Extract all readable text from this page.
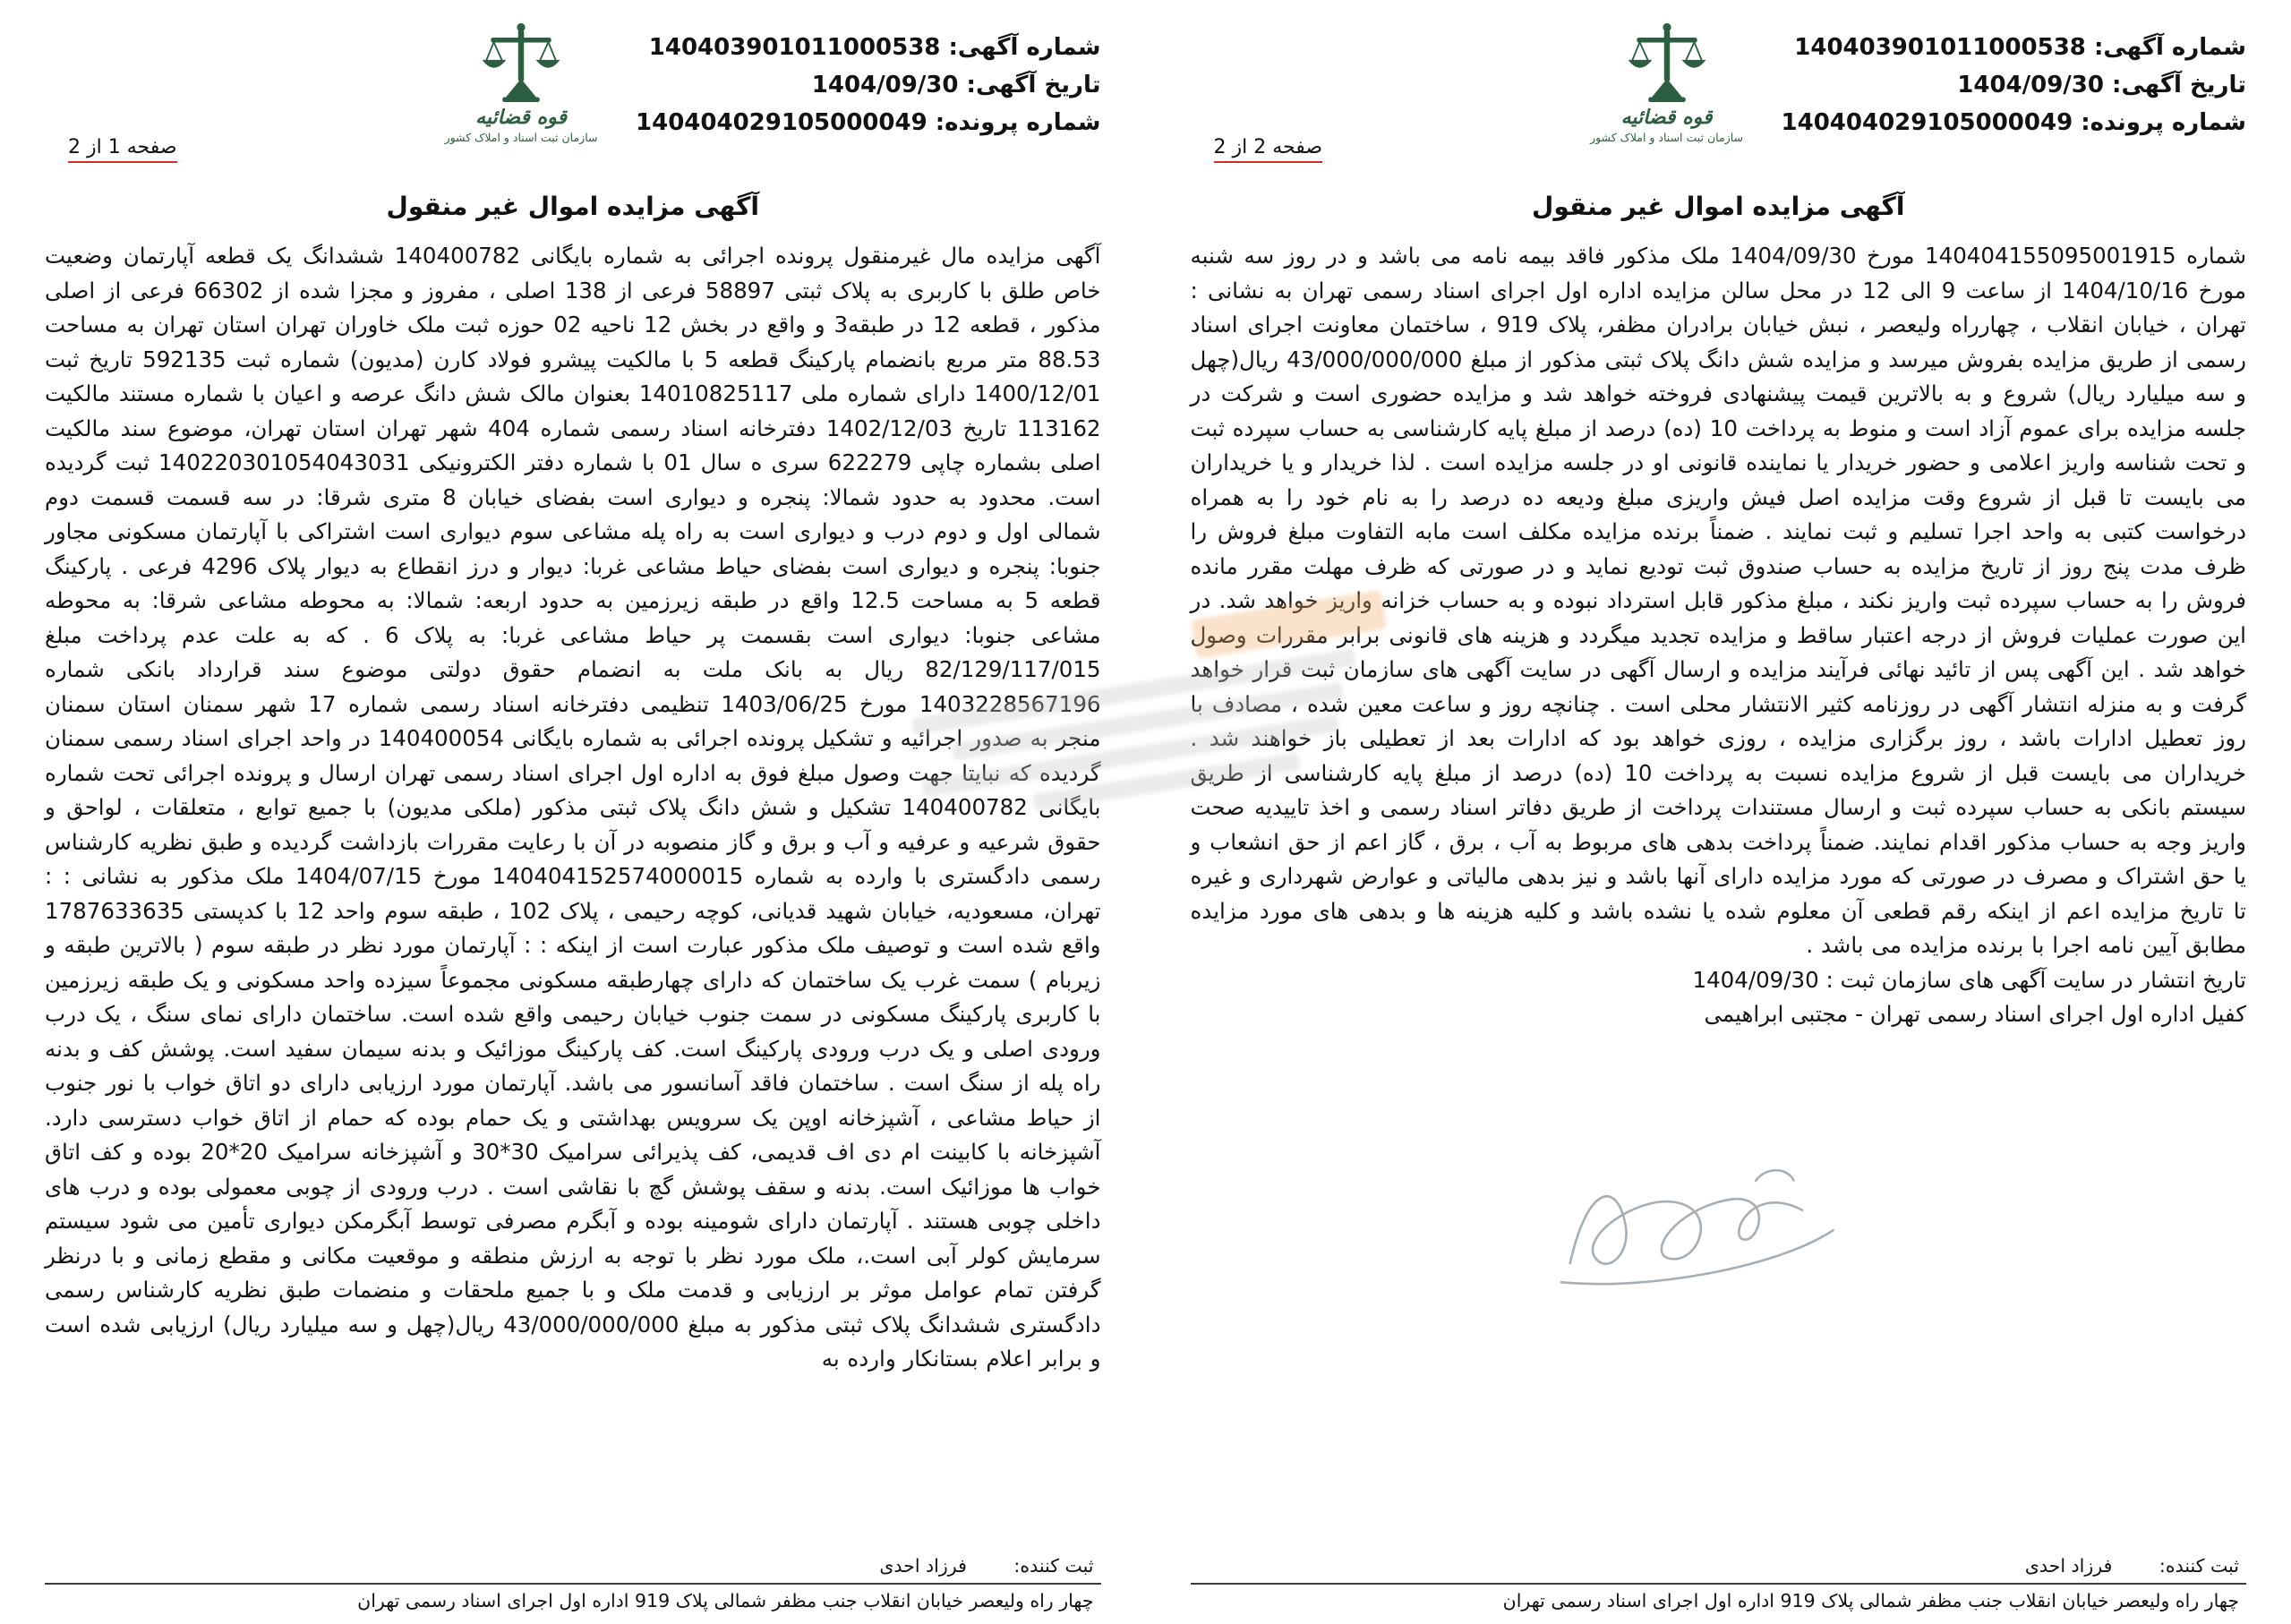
صفحه 1 از 2
قوه قضائیه
سازمان ثبت اسناد و املاک کشور
شماره آگهی: 140403901011000538
تاریخ آگهی: 1404/09/30
شماره پرونده: 140404029105000049
آگهی مزایده اموال غیر منقول

آگهی مزایده مال غیرمنقول پرونده اجرائی به شماره بایگانی 140400782 ششدانگ یک قطعه آپارتمان وضعیت خاص طلق با کاربری به پلاک ثبتی 58897 فرعی از 138 اصلی ، مفروز و مجزا شده از 66302 فرعی از اصلی مذکور ، قطعه 12 در طبقه3 و واقع در بخش 12 ناحیه 02 حوزه ثبت ملک خاوران تهران استان تهران به مساحت 88.53 متر مربع بانضمام پارکینگ قطعه 5 با مالکیت پیشرو فولاد کارن (مدیون) شماره ثبت 592135 تاریخ ثبت 1400/12/01 دارای شماره ملی 14010825117 بعنوان مالک شش دانگ عرصه و اعیان با شماره مستند مالکیت 113162 تاریخ 1402/12/03 دفترخانه اسناد رسمی شماره 404 شهر تهران استان تهران، موضوع سند مالکیت اصلی بشماره چاپی 622279 سری ه سال 01 با شماره دفتر الکترونیکی 140220301054043031 ثبت گردیده است. محدود به حدود شمالا: پنجره و دیواری است بفضای خیابان 8 متری شرقا: در سه قسمت قسمت دوم شمالی اول و دوم درب و دیواری است به راه پله مشاعی سوم دیواری است اشتراکی با آپارتمان مسکونی مجاور جنوبا: پنجره و دیواری است بفضای حیاط مشاعی غربا: دیوار و درز انقطاع به دیوار پلاک 4296 فرعی . پارکینگ قطعه 5 به مساحت 12.5 واقع در طبقه زیرزمین به حدود اربعه: شمالا: به محوطه مشاعی شرقا: به محوطه مشاعی جنوبا: دیواری است بقسمت پر حیاط مشاعی غربا: به پلاک 6 . که به علت عدم پرداخت مبلغ 82/129/117/015 ریال به بانک ملت به انضمام حقوق دولتی موضوع سند قرارداد بانکی شماره 1403228567196 مورخ 1403/06/25 تنظیمی دفترخانه اسناد رسمی شماره 17 شهر سمنان استان سمنان منجر به صدور اجرائیه و تشکیل پرونده اجرائی به شماره بایگانی 140400054 در واحد اجرای اسناد رسمی سمنان گردیده که نبایتا جهت وصول مبلغ فوق به اداره اول اجرای اسناد رسمی تهران ارسال و پرونده اجرائی تحت شماره بایگانی 140400782 تشکیل و شش دانگ پلاک ثبتی مذکور (ملکی مدیون) با جمیع توابع ، متعلقات ، لواحق و حقوق شرعیه و عرفیه و آب و برق و گاز منصوبه در آن با رعایت مقررات بازداشت گردیده و طبق نظریه کارشناس رسمی دادگستری با وارده به شماره 140404152574000015 مورخ 1404/07/15 ملک مذکور به نشانی : : تهران، مسعودیه، خیابان شهید قدیانی، کوچه رحیمی ، پلاک 102 ، طبقه سوم واحد 12 با کدپستی 1787633635 واقع شده است و توصیف ملک مذکور عبارت است از اینکه : : آپارتمان مورد نظر در طبقه سوم ( بالاترین طبقه و زیربام ) سمت غرب یک ساختمان که دارای چهارطبقه مسکونی مجموعاً سیزده واحد مسکونی و یک طبقه زیرزمین با کاربری پارکینگ مسکونی در سمت جنوب خیابان رحیمی واقع شده است. ساختمان دارای نمای سنگ ، یک درب ورودی اصلی و یک درب ورودی پارکینگ است. کف پارکینگ موزائیک و بدنه سیمان سفید است. پوشش کف و بدنه راه پله از سنگ است . ساختمان فاقد آسانسور می باشد. آپارتمان مورد ارزیابی دارای دو اتاق خواب با نور جنوب از حیاط مشاعی ، آشپزخانه اوپن یک سرویس بهداشتی و یک حمام بوده که حمام از اتاق خواب دسترسی دارد. آشپزخانه با کابینت ام دی اف قدیمی، کف پذیرائی سرامیک 30*30 و آشپزخانه سرامیک 20*20 بوده و کف اتاق خواب ها موزائیک است. بدنه و سقف پوشش گچ با نقاشی است . درب ورودی از چوبی معمولی بوده و درب های داخلی چوبی هستند . آپارتمان دارای شومینه بوده و آبگرم مصرفی توسط آبگرمکن دیواری تأمین می شود سیستم سرمایش کولر آبی است.، ملک مورد نظر با توجه به ارزش منطقه و موقعیت مکانی و مقطع زمانی و با درنظر گرفتن تمام عوامل موثر بر ارزیابی و قدمت ملک و با جمیع ملحقات و منضمات طبق نظریه کارشناس رسمی دادگستری ششدانگ پلاک ثبتی مذکور به مبلغ 43/000/000/000 ریال(چهل و سه میلیارد ریال) ارزیابی شده است و برابر اعلام بستانکار وارده به

ثبت کننده: فرزاد احدی
چهار راه ولیعصر خیابان انقلاب جنب مظفر شمالی پلاک 919 اداره اول اجرای اسناد رسمی تهران
صفحه 2 از 2
قوه قضائیه
سازمان ثبت اسناد و املاک کشور
شماره آگهی: 140403901011000538
تاریخ آگهی: 1404/09/30
شماره پرونده: 140404029105000049
آگهی مزایده اموال غیر منقول

شماره 140404155095001915 مورخ 1404/09/30 ملک مذکور فاقد بیمه نامه می باشد و در روز سه شنبه مورخ 1404/10/16 از ساعت 9 الی 12 در محل سالن مزایده اداره اول اجرای اسناد رسمی تهران به نشانی : تهران ، خیابان انقلاب ، چهارراه ولیعصر ، نبش خیابان برادران مظفر، پلاک 919 ، ساختمان معاونت اجرای اسناد رسمی از طریق مزایده بفروش میرسد و مزایده شش دانگ پلاک ثبتی مذکور از مبلغ 43/000/000/000 ریال(چهل و سه میلیارد ریال) شروع و به بالاترین قیمت پیشنهادی فروخته خواهد شد و مزایده حضوری است و شرکت در جلسه مزایده برای عموم آزاد است و منوط به پرداخت 10 (ده) درصد از مبلغ پایه کارشناسی به حساب سپرده ثبت و تحت شناسه واریز اعلامی و حضور خریدار یا نماینده قانونی او در جلسه مزایده است . لذا خریدار و یا خریداران می بایست تا قبل از شروع وقت مزایده اصل فیش واریزی مبلغ ودیعه ده درصد را به نام خود را به همراه درخواست کتبی به واحد اجرا تسلیم و ثبت نمایند . ضمناً برنده مزایده مکلف است مابه التفاوت مبلغ فروش را ظرف مدت پنج روز از تاریخ مزایده به حساب صندوق ثبت تودیع نماید و در صورتی که ظرف مهلت مقرر مانده فروش را به حساب سپرده ثبت واریز نکند ، مبلغ مذکور قابل استرداد نبوده و به حساب خزانه واریز خواهد شد. در این صورت عملیات فروش از درجه اعتبار ساقط و مزایده تجدید میگردد و هزینه های قانونی برابر مقررات وصول خواهد شد . این آگهی پس از تائید نهائی فرآیند مزایده و ارسال آگهی در سایت آگهی های سازمان ثبت قرار خواهد گرفت و به منزله انتشار آگهی در روزنامه کثیر الانتشار محلی است . چنانچه روز و ساعت معین شده ، مصادف با روز تعطیل ادارات باشد ، روز برگزاری مزایده ، روزی خواهد بود که ادارات بعد از تعطیلی باز خواهند شد . خریداران می بایست قبل از شروع مزایده نسبت به پرداخت 10 (ده) درصد از مبلغ پایه کارشناسی از طریق سیستم بانکی به حساب سپرده ثبت و ارسال مستندات پرداخت از طریق دفاتر اسناد رسمی و اخذ تاییدیه صحت واریز وجه به حساب مذکور اقدام نمایند. ضمناً پرداخت بدهی های مربوط به آب ، برق ، گاز اعم از حق انشعاب و یا حق اشتراک و مصرف در صورتی که مورد مزایده دارای آنها باشد و نیز بدهی مالیاتی و عوارض شهرداری و غیره تا تاریخ مزایده اعم از اینکه رقم قطعی آن معلوم شده یا نشده باشد و کلیه هزینه ها و بدهی های مورد مزایده مطابق آیین نامه اجرا با برنده مزایده می باشد .

تاریخ انتشار در سایت آگهی های سازمان ثبت : 1404/09/30
کفیل اداره اول اجرای اسناد رسمی تهران - مجتبی ابراهیمی
ثبت کننده: فرزاد احدی
چهار راه ولیعصر خیابان انقلاب جنب مظفر شمالی پلاک 919 اداره اول اجرای اسناد رسمی تهران
